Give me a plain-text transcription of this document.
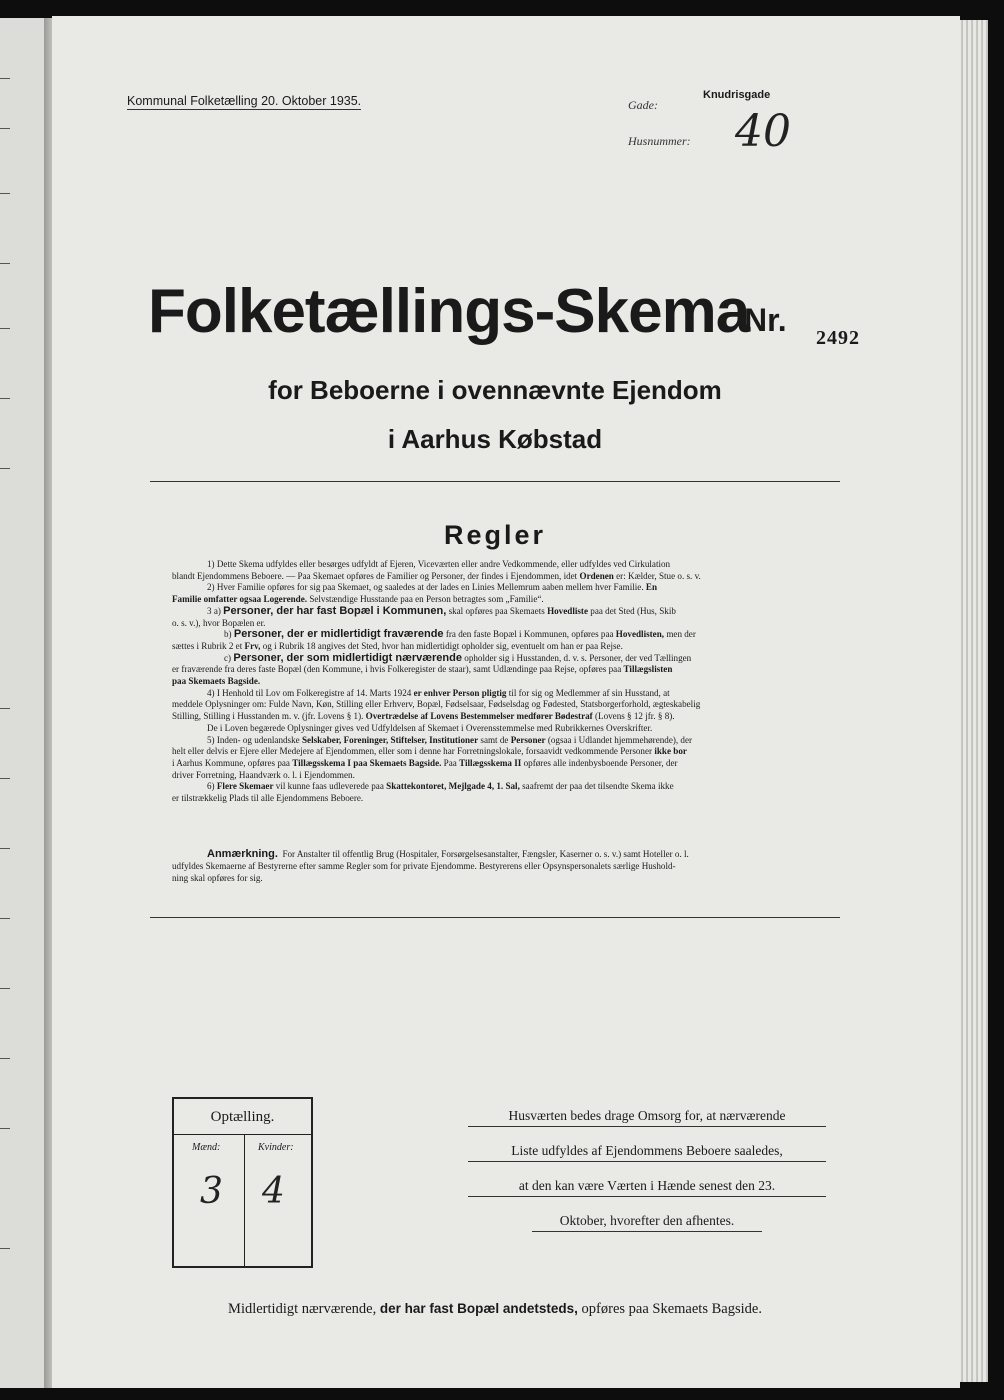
Kommunal Folketælling 20. Oktober 1935.	Gade:
Knudrisgade
Husnummer: 40
Folketællings-Skema
Nr. 2492
for Beboerne i ovennævnte Ejendom
i Aarhus Købstad
Regler
1) Dette Skema udfyldes eller besørges udfyldt af Ejeren, Viceværten eller andre Vedkommende, eller udfyldes ved Cirkulation
blandt Ejendommens Beboere. — Paa Skemaet opføres de Familier og Personer, der findes i Ejendommen, idet Ordenen er: Kælder, Stue o. s. v.
2) Hver Familie opføres for sig paa Skemaet, og saaledes at der lades en Linies Mellemrum aaben mellem hver Familie. En
Familie omfatter ogsaa Logerende. Selvstændige Husstande paa en Person betragtes som „Familie“.
3 a) Personer, der har fast Bopæl i Kommunen, skal opføres paa Skemaets Hovedliste paa det Sted (Hus, Skib
o. s. v.), hvor Bopælen er.
b) Personer, der er midlertidigt fraværende fra den faste Bopæl i Kommunen, opføres paa Hovedlisten, men der
sættes i Rubrik 2 et Frv, og i Rubrik 18 angives det Sted, hvor han midlertidigt opholder sig, eventuelt om han er paa Rejse.
c) Personer, der som midlertidigt nærværende opholder sig i Husstanden, d. v. s. Personer, der ved Tællingen
er fraværende fra deres faste Bopæl (den Kommune, i hvis Folkeregister de staar), samt Udlændinge paa Rejse, opføres paa Tillægslisten
paa Skemaets Bagside.
4) I Henhold til Lov om Folkeregistre af 14. Marts 1924 er enhver Person pligtig til for sig og Medlemmer af sin Husstand, at
meddele Oplysninger om: Fulde Navn, Køn, Stilling eller Erhverv, Bopæl, Fødselsaar, Fødselsdag og Fødested, Statsborgerforhold, ægteskabelig
Stilling, Stilling i Husstanden m. v. (jfr. Lovens § 1). Overtrædelse af Lovens Bestemmelser medfører Bødestraf (Lovens § 12 jfr. § 8).
De i Loven begærede Oplysninger gives ved Udfyldelsen af Skemaet i Overensstemmelse med Rubrikkernes Overskrifter.
5) Inden- og udenlandske Selskaber, Foreninger, Stiftelser, Institutioner samt de Personer (ogsaa i Udlandet hjemmehørende), der
helt eller delvis er Ejere eller Medejere af Ejendommen, eller som i denne har Forretningslokale, forsaavidt vedkommende Personer ikke bor
i Aarhus Kommune, opføres paa Tillægsskema I paa Skemaets Bagside. Paa Tillægsskema II opføres alle indenbysboende Personer, der
driver Forretning, Haandværk o. l. i Ejendommen.
6) Flere Skemaer vil kunne faas udleverede paa Skattekontoret, Mejlgade 4, 1. Sal, saafremt der paa det tilsendte Skema ikke
er tilstrækkelig Plads til alle Ejendommens Beboere.
Anmærkning. For Anstalter til offentlig Brug (Hospitaler, Forsørgelsesanstalter, Fængsler, Kaserner o. s. v.) samt Hoteller o. l.
udfyldes Skemaerne af Bestyrerne efter samme Regler som for private Ejendomme. Bestyrerens eller Opsynspersonalets særlige Hushold-
ning skal opføres for sig.
Optælling.
Mænd:	Kvinder:
3 4
Husværten bedes drage Omsorg for, at nærværende
Liste udfyldes af Ejendommens Beboere saaledes,
at den kan være Værten i Hænde senest den 23.
Oktober, hvorefter den afhentes.
Midlertidigt nærværende, der har fast Bopæl andetsteds, opføres paa Skemaets Bagside.
